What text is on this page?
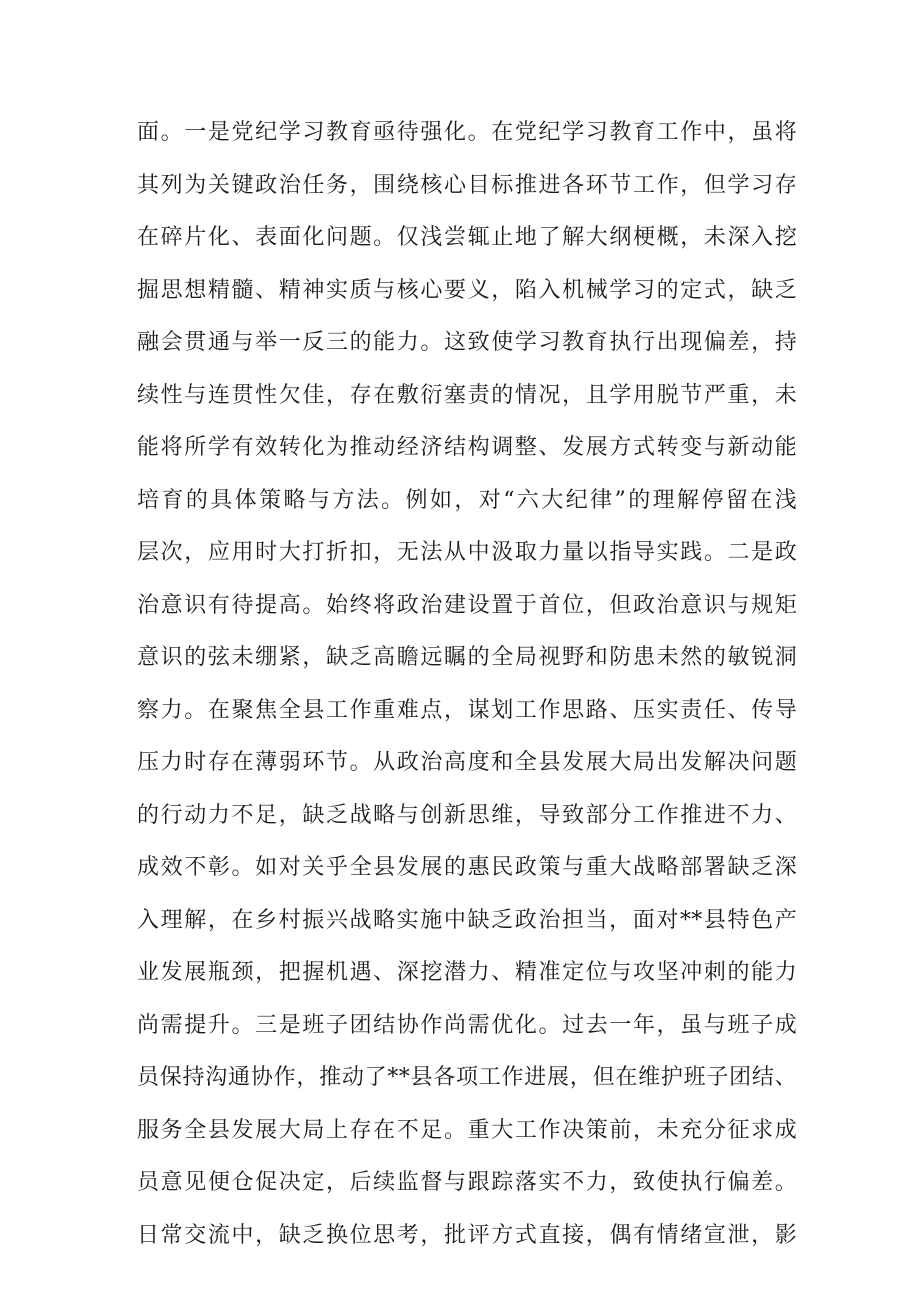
面。一是党纪学习教育亟待强化。在党纪学习教育工作中，虽将
其列为关键政治任务，围绕核心目标推进各环节工作，但学习存
在碎片化、表面化问题。仅浅尝辄止地了解大纲梗概，未深入挖
掘思想精髓、精神实质与核心要义，陷入机械学习的定式，缺乏
融会贯通与举一反三的能力。这致使学习教育执行出现偏差，持
续性与连贯性欠佳，存在敷衍塞责的情况，且学用脱节严重，未
能将所学有效转化为推动经济结构调整、发展方式转变与新动能
培育的具体策略与方法。例如，对“六大纪律”的理解停留在浅
层次，应用时大打折扣，无法从中汲取力量以指导实践。二是政
治意识有待提高。始终将政治建设置于首位，但政治意识与规矩
意识的弦未绷紧，缺乏高瞻远瞩的全局视野和防患未然的敏锐洞
察力。在聚焦全县工作重难点，谋划工作思路、压实责任、传导
压力时存在薄弱环节。从政治高度和全县发展大局出发解决问题
的行动力不足，缺乏战略与创新思维，导致部分工作推进不力、
成效不彰。如对关乎全县发展的惠民政策与重大战略部署缺乏深
入理解，在乡村振兴战略实施中缺乏政治担当，面对**县特色产
业发展瓶颈，把握机遇、深挖潜力、精准定位与攻坚冲刺的能力
尚需提升。三是班子团结协作尚需优化。过去一年，虽与班子成
员保持沟通协作，推动了**县各项工作进展，但在维护班子团结、
服务全县发展大局上存在不足。重大工作决策前，未充分征求成
员意见便仓促决定，后续监督与跟踪落实不力，致使执行偏差。
日常交流中，缺乏换位思考，批评方式直接，偶有情绪宣泄，影
